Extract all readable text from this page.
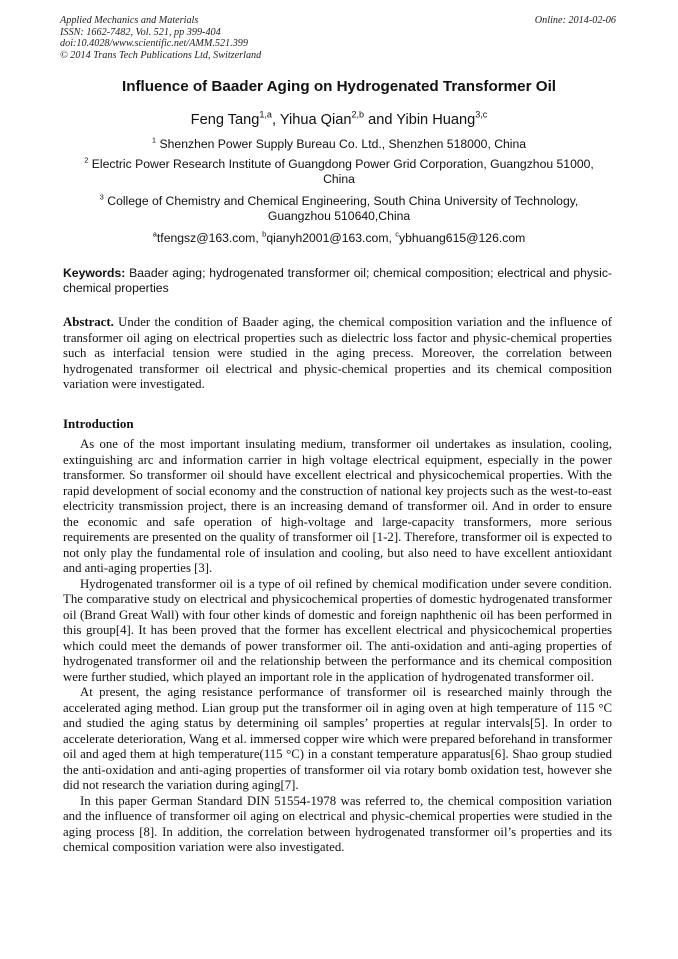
Applied Mechanics and Materials
ISSN: 1662-7482, Vol. 521, pp 399-404
doi:10.4028/www.scientific.net/AMM.521.399
© 2014 Trans Tech Publications Ltd, Switzerland
Online: 2014-02-06
Influence of Baader Aging on Hydrogenated Transformer Oil
Feng Tang$^{1,a}$, Yihua Qian$^{2,b}$ and Yibin Huang$^{3,c}$
$^1$ Shenzhen Power Supply Bureau Co. Ltd., Shenzhen 518000, China
$^2$ Electric Power Research Institute of Guangdong Power Grid Corporation, Guangzhou 51000, China
$^3$ College of Chemistry and Chemical Engineering, South China University of Technology, Guangzhou 510640,China
$^a$tfengsz@163.com, $^b$qianyh2001@163.com, $^c$ybhuang615@126.com
Keywords: Baader aging; hydrogenated transformer oil; chemical composition; electrical and physic-chemical properties

Abstract. Under the condition of Baader aging, the chemical composition variation and the influence of transformer oil aging on electrical properties such as dielectric loss factor and physic-chemical properties such as interfacial tension were studied in the aging precess. Moreover, the correlation between hydrogenated transformer oil electrical and physic-chemical properties and its chemical composition variation were investigated.

Introduction

As one of the most important insulating medium, transformer oil undertakes as insulation, cooling, extinguishing arc and information carrier in high voltage electrical equipment, especially in the power transformer. So transformer oil should have excellent electrical and physicochemical properties. With the rapid development of social economy and the construction of national key projects such as the west-to-east electricity transmission project, there is an increasing demand of transformer oil. And in order to ensure the economic and safe operation of high-voltage and large-capacity transformers, more serious requirements are presented on the quality of transformer oil [1-2]. Therefore, transformer oil is expected to not only play the fundamental role of insulation and cooling, but also need to have excellent antioxidant and anti-aging properties [3].

Hydrogenated transformer oil is a type of oil refined by chemical modification under severe condition. The comparative study on electrical and physicochemical properties of domestic hydrogenated transformer oil (Brand Great Wall) with four other kinds of domestic and foreign naphthenic oil has been performed in this group[4]. It has been proved that the former has excellent electrical and physicochemical properties which could meet the demands of power transformer oil. The anti-oxidation and anti-aging properties of hydrogenated transformer oil and the relationship between the performance and its chemical composition were further studied, which played an important role in the application of hydrogenated transformer oil.

At present, the aging resistance performance of transformer oil is researched mainly through the accelerated aging method. Lian group put the transformer oil in aging oven at high temperature of 115 °C and studied the aging status by determining oil samples’ properties at regular intervals[5]. In order to accelerate deterioration, Wang et al. immersed copper wire which were prepared beforehand in transformer oil and aged them at high temperature(115 °C) in a constant temperature apparatus[6]. Shao group studied the anti-oxidation and anti-aging properties of transformer oil via rotary bomb oxidation test, however she did not research the variation during aging[7].

In this paper German Standard DIN 51554-1978 was referred to, the chemical composition variation and the influence of transformer oil aging on electrical and physic-chemical properties were studied in the aging process [8]. In addition, the correlation between hydrogenated transformer oil’s properties and its chemical composition variation were also investigated.
